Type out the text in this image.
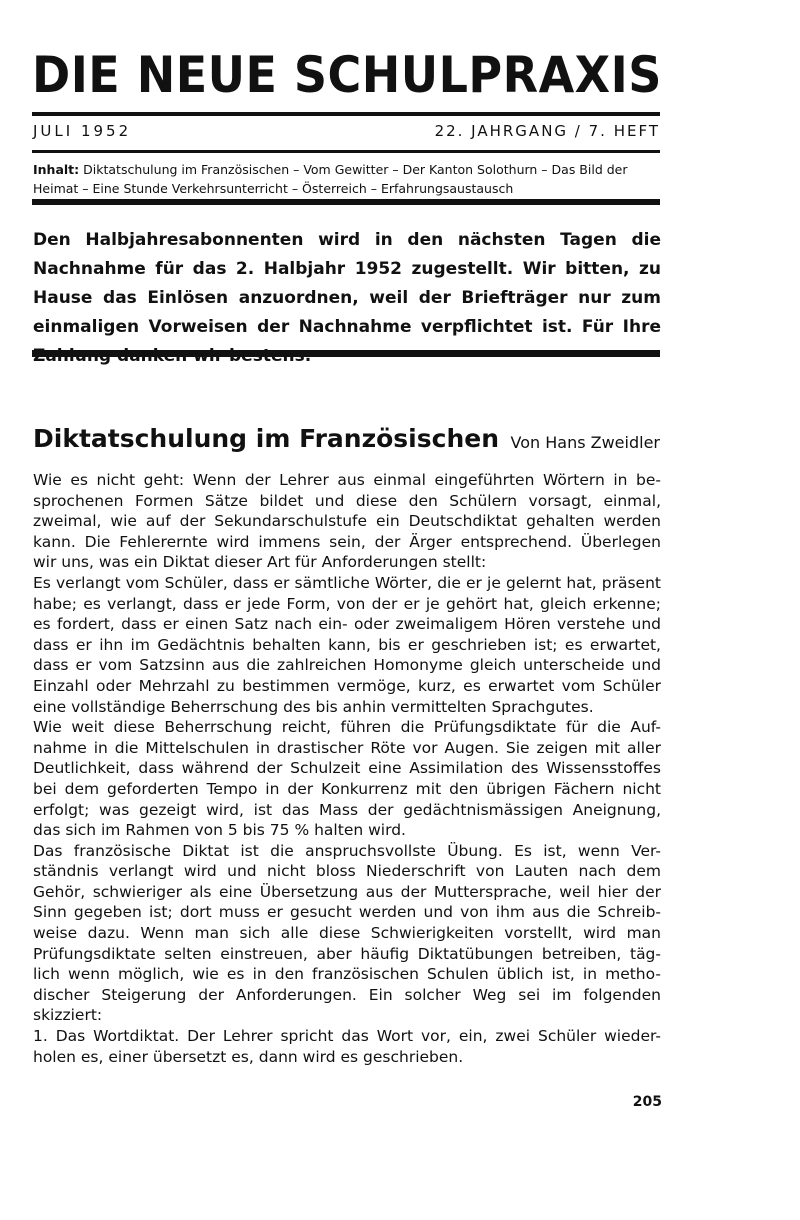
DIE NEUE SCHULPRAXIS
JULI 1952	22. JAHRGANG / 7. HEFT
Inhalt: Diktatschulung im Französischen – Vom Gewitter – Der Kanton Solothurn – Das Bild der Heimat – Eine Stunde Verkehrsunterricht – Österreich – Erfahrungsaustausch
Den Halbjahresabonnenten wird in den nächsten Tagen die Nachnahme für das 2. Halbjahr 1952 zugestellt. Wir bitten, zu Hause das Einlösen anzuordnen, weil der Briefträger nur zum einmaligen Vorweisen der Nachnahme verpflichtet ist. Für Ihre
Diktatschulung im Französischen Von Hans Zweidler
Wie es nicht geht: Wenn der Lehrer aus einmal eingeführten Wörtern in be-
sprochenen Formen Sätze bildet und diese den Schülern vorsagt, einmal,
zweimal, wie auf der Sekundarschulstufe ein Deutschdiktat gehalten werden
kann. Die Fehlerernte wird immens sein, der Ärger entsprechend. Überlegen
wir uns, was ein Diktat dieser Art für Anforderungen stellt:
Es verlangt vom Schüler, dass er sämtliche Wörter, die er je gelernt hat, präsent
habe; es verlangt, dass er jede Form, von der er je gehört hat, gleich erkenne;
es fordert, dass er einen Satz nach ein- oder zweimaligem Hören verstehe und
dass er ihn im Gedächtnis behalten kann, bis er geschrieben ist; es erwartet,
dass er vom Satzsinn aus die zahlreichen Homonyme gleich unterscheide und
Einzahl oder Mehrzahl zu bestimmen vermöge, kurz, es erwartet vom Schüler
eine vollständige Beherrschung des bis anhin vermittelten Sprachgutes.
Wie weit diese Beherrschung reicht, führen die Prüfungsdiktate für die Auf-
nahme in die Mittelschulen in drastischer Röte vor Augen. Sie zeigen mit aller
Deutlichkeit, dass während der Schulzeit eine Assimilation des Wissensstoffes
bei dem geforderten Tempo in der Konkurrenz mit den übrigen Fächern nicht
erfolgt; was gezeigt wird, ist das Mass der gedächtnismässigen Aneignung,
das sich im Rahmen von 5 bis 75 % halten wird.
Das französische Diktat ist die anspruchsvollste Übung. Es ist, wenn Ver-
ständnis verlangt wird und nicht bloss Niederschrift von Lauten nach dem
Gehör, schwieriger als eine Übersetzung aus der Muttersprache, weil hier der
Sinn gegeben ist; dort muss er gesucht werden und von ihm aus die Schreib-
weise dazu. Wenn man sich alle diese Schwierigkeiten vorstellt, wird man
Prüfungsdiktate selten einstreuen, aber häufig Diktatübungen betreiben, täg-
lich wenn möglich, wie es in den französischen Schulen üblich ist, in metho-
discher Steigerung der Anforderungen. Ein solcher Weg sei im folgenden
skizziert:
1. Das Wortdiktat. Der Lehrer spricht das Wort vor, ein, zwei Schüler wieder-
holen es, einer übersetzt es, dann wird es geschrieben.
205
